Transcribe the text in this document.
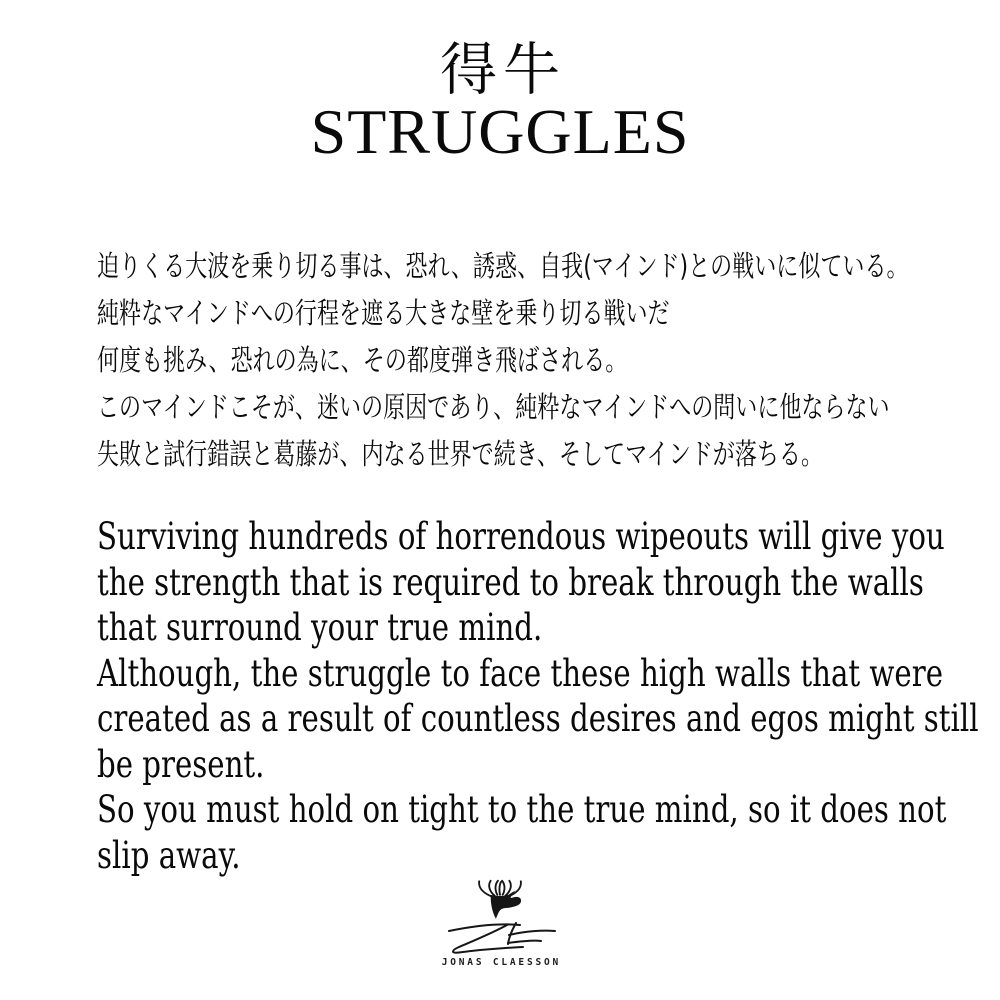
得牛
STRUGGLES
迫りくる大波を乗り切る事は、恐れ、誘惑、自我(マインド)との戦いに似ている。
純粋なマインドへの行程を遮る大きな壁を乗り切る戦いだ
何度も挑み、恐れの為に、その都度弾き飛ばされる。
このマインドこそが、迷いの原因であり、純粋なマインドへの問いに他ならない
失敗と試行錯誤と葛藤が、内なる世界で続き、そしてマインドが落ちる。
Surviving hundreds of horrendous wipeouts will give you
the strength that is required to break through the walls
that surround your true mind.
Although, the struggle to face these high walls that were
created as a result of countless desires and egos might still
be present.
So you must hold on tight to the true mind, so it does not
slip away.
JONAS CLAESSON
